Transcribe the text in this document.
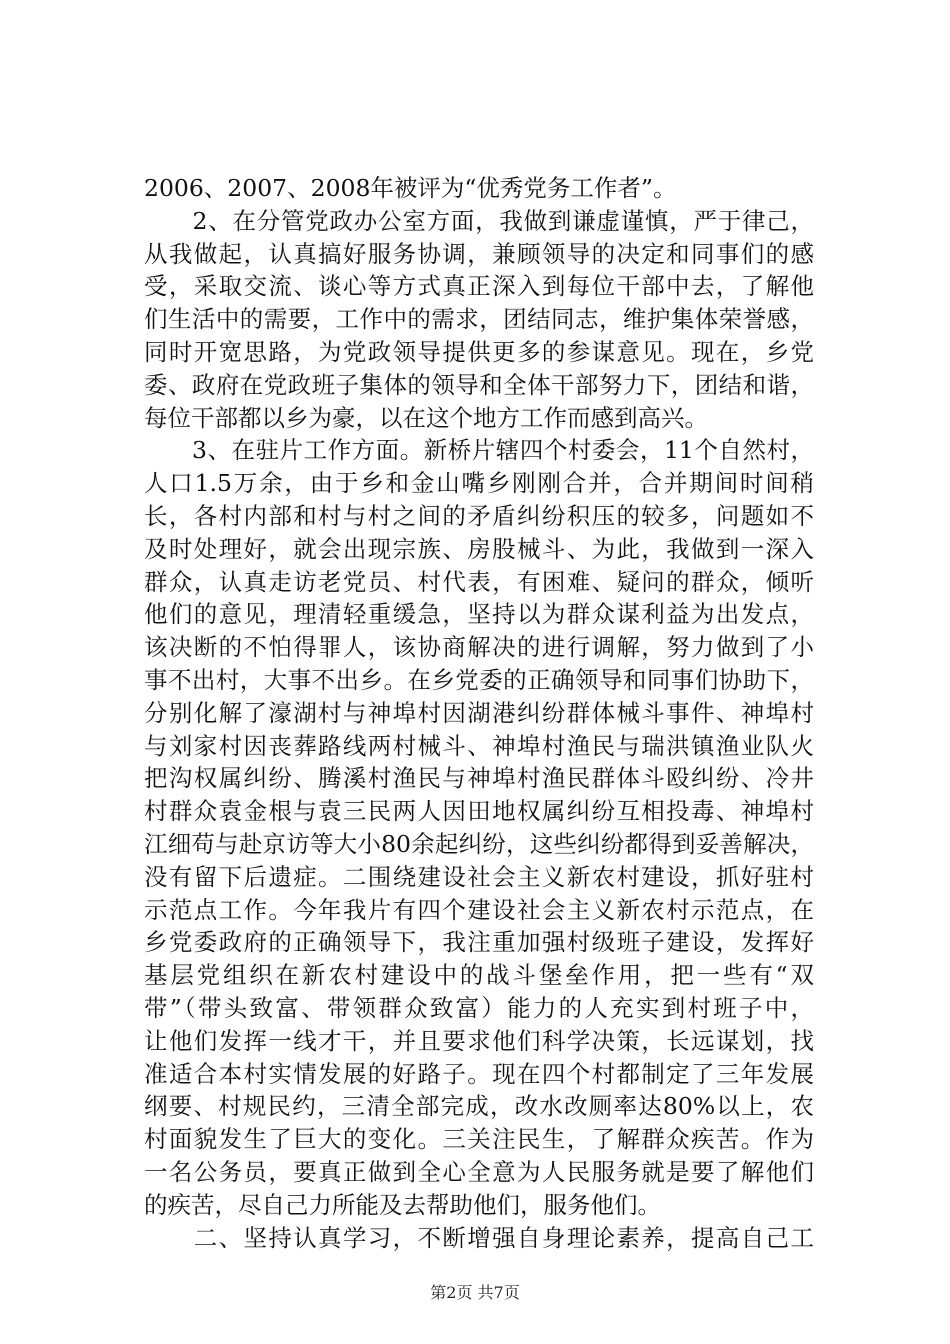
2006、2007、2008年被评为“优秀党务工作者”。
　　2、在分管党政办公室方面，我做到谦虚谨慎，严于律己，
从我做起，认真搞好服务协调，兼顾领导的决定和同事们的感
受，采取交流、谈心等方式真正深入到每位干部中去，了解他
们生活中的需要，工作中的需求，团结同志，维护集体荣誉感，
同时开宽思路，为党政领导提供更多的参谋意见。现在，乡党
委、政府在党政班子集体的领导和全体干部努力下，团结和谐，
每位干部都以乡为豪，以在这个地方工作而感到高兴。
　　3、在驻片工作方面。新桥片辖四个村委会，11个自然村，
人口1.5万余，由于乡和金山嘴乡刚刚合并，合并期间时间稍
长，各村内部和村与村之间的矛盾纠纷积压的较多，问题如不
及时处理好，就会出现宗族、房股械斗、为此，我做到一深入
群众，认真走访老党员、村代表，有困难、疑问的群众，倾听
他们的意见，理清轻重缓急，坚持以为群众谋利益为出发点，
该决断的不怕得罪人，该协商解决的进行调解，努力做到了小
事不出村，大事不出乡。在乡党委的正确领导和同事们协助下，
分别化解了濠湖村与神埠村因湖港纠纷群体械斗事件、神埠村
与刘家村因丧葬路线两村械斗、神埠村渔民与瑞洪镇渔业队火
把沟权属纠纷、腾溪村渔民与神埠村渔民群体斗殴纠纷、冷井
村群众袁金根与袁三民两人因田地权属纠纷互相投毒、神埠村
江细苟与赴京访等大小80余起纠纷，这些纠纷都得到妥善解决，
没有留下后遗症。二围绕建设社会主义新农村建设，抓好驻村
示范点工作。今年我片有四个建设社会主义新农村示范点，在
乡党委政府的正确领导下，我注重加强村级班子建设，发挥好
基层党组织在新农村建设中的战斗堡垒作用，把一些有“双
带”（带头致富、带领群众致富）能力的人充实到村班子中，
让他们发挥一线才干，并且要求他们科学决策，长远谋划，找
准适合本村实情发展的好路子。现在四个村都制定了三年发展
纲要、村规民约，三清全部完成，改水改厕率达80%以上，农
村面貌发生了巨大的变化。三关注民生，了解群众疾苦。作为
一名公务员，要真正做到全心全意为人民服务就是要了解他们
的疾苦，尽自己力所能及去帮助他们，服务他们。
　　二、坚持认真学习，不断增强自身理论素养，提高自己工
第2页 共7页
